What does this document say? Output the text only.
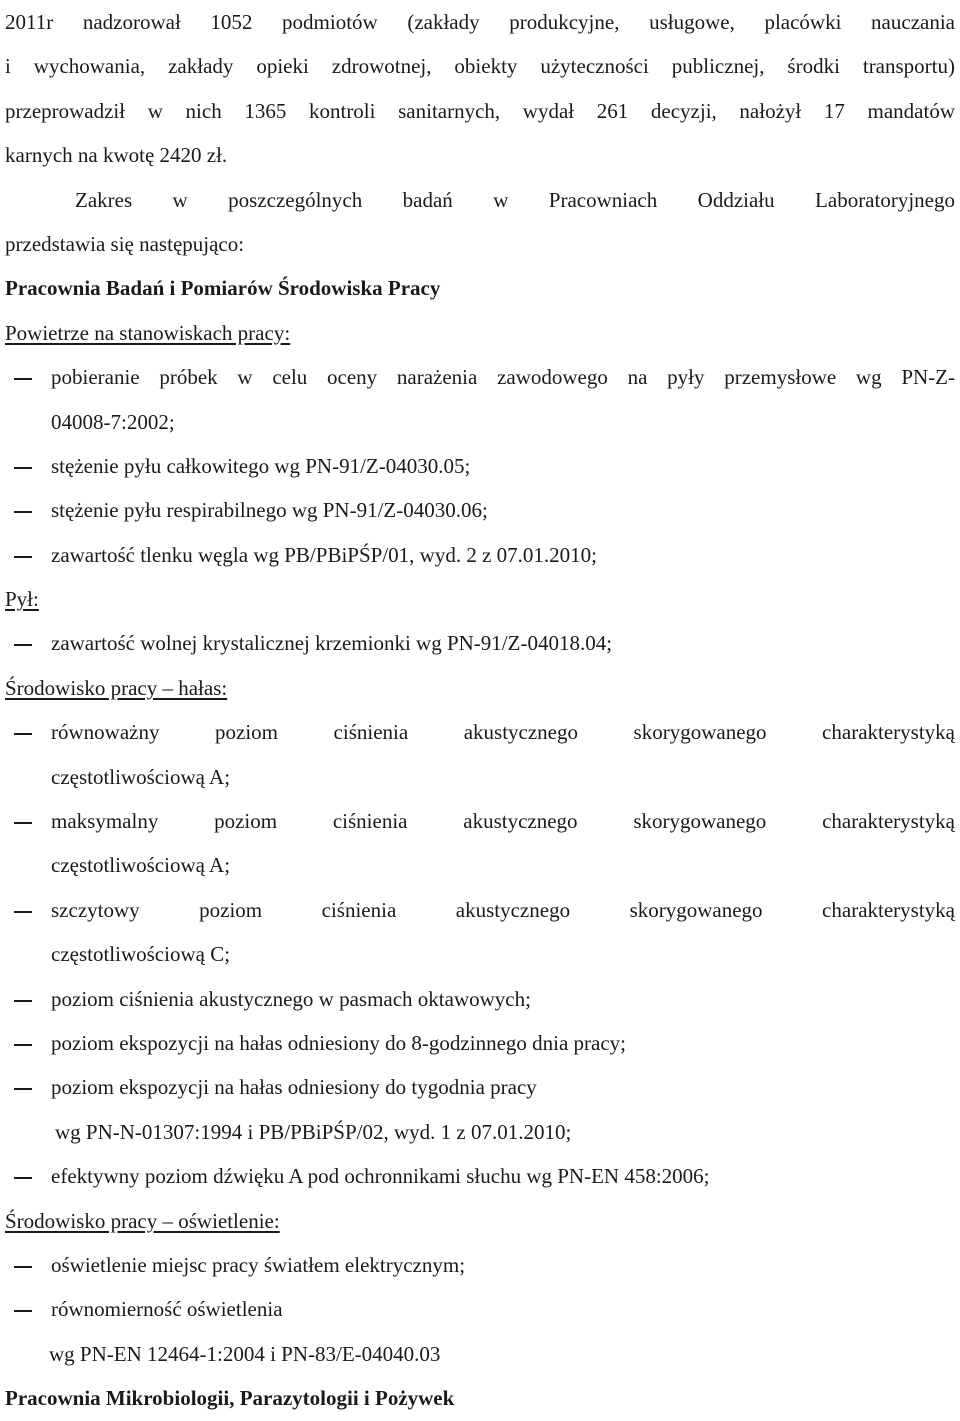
2011r nadzorował 1052 podmiotów (zakłady produkcyjne, usługowe, placówki nauczania
i wychowania, zakłady opieki zdrowotnej, obiekty użyteczności publicznej, środki transportu)
przeprowadził w nich 1365 kontroli sanitarnych, wydał 261 decyzji, nałożył 17 mandatów
karnych na kwotę 2420 zł.
Zakres w poszczególnych badań w Pracowniach Oddziału Laboratoryjnego
przedstawia się następująco:
Pracownia Badań i Pomiarów Środowiska Pracy
Powietrze na stanowiskach pracy:
pobieranie próbek w celu oceny narażenia zawodowego na pyły przemysłowe wg PN-Z-
04008-7:2002;
stężenie pyłu całkowitego wg PN-91/Z-04030.05;
stężenie pyłu respirabilnego wg PN-91/Z-04030.06;
zawartość tlenku węgla wg PB/PBiPŚP/01, wyd. 2 z 07.01.2010;
Pył:
zawartość wolnej krystalicznej krzemionki wg PN-91/Z-04018.04;
Środowisko pracy – hałas:
równoważny poziom ciśnienia akustycznego skorygowanego charakterystyką
częstotliwościową A;
maksymalny poziom ciśnienia akustycznego skorygowanego charakterystyką
częstotliwościową A;
szczytowy poziom ciśnienia akustycznego skorygowanego charakterystyką
częstotliwościową C;
poziom ciśnienia akustycznego w pasmach oktawowych;
poziom ekspozycji na hałas odniesiony do 8-godzinnego dnia pracy;
poziom ekspozycji na hałas odniesiony do tygodnia pracy
wg PN-N-01307:1994 i PB/PBiPŚP/02, wyd. 1 z 07.01.2010;
efektywny poziom dźwięku A pod ochronnikami słuchu wg PN-EN 458:2006;
Środowisko pracy – oświetlenie:
oświetlenie miejsc pracy światłem elektrycznym;
równomierność oświetlenia
wg PN-EN 12464-1:2004 i PN-83/E-04040.03
Pracownia Mikrobiologii, Parazytologii i Pożywek
